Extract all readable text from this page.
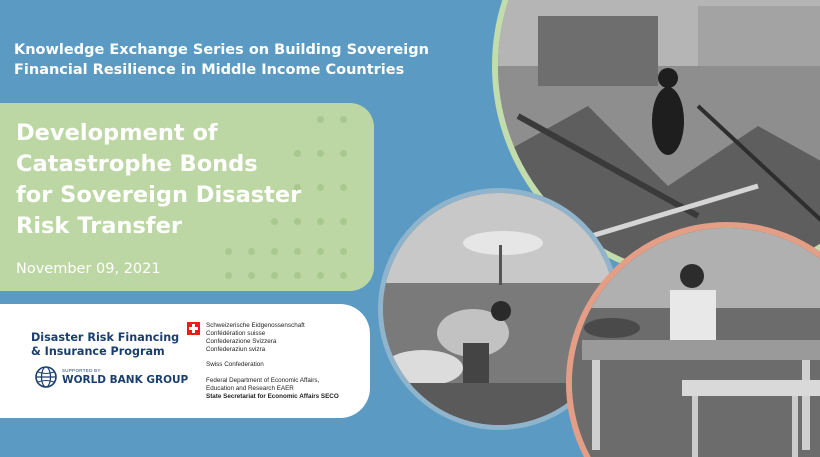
Knowledge Exchange Series on Building Sovereign Financial Resilience in Middle Income Countries
Development of
Catastrophe Bonds
for Sovereign Disaster
Risk Transfer
November 09, 2021
Disaster Risk Financing
& Insurance Program
SUPPORTED BY
WORLD BANK GROUP
Schweizerische Eidgenossenschaft
Confédération suisse
Confederazione Svizzera
Confederaziun svizra
Swiss Confederation
Federal Department of Economic Affairs,
Education and Research EAER
State Secretariat for Economic Affairs SECO
